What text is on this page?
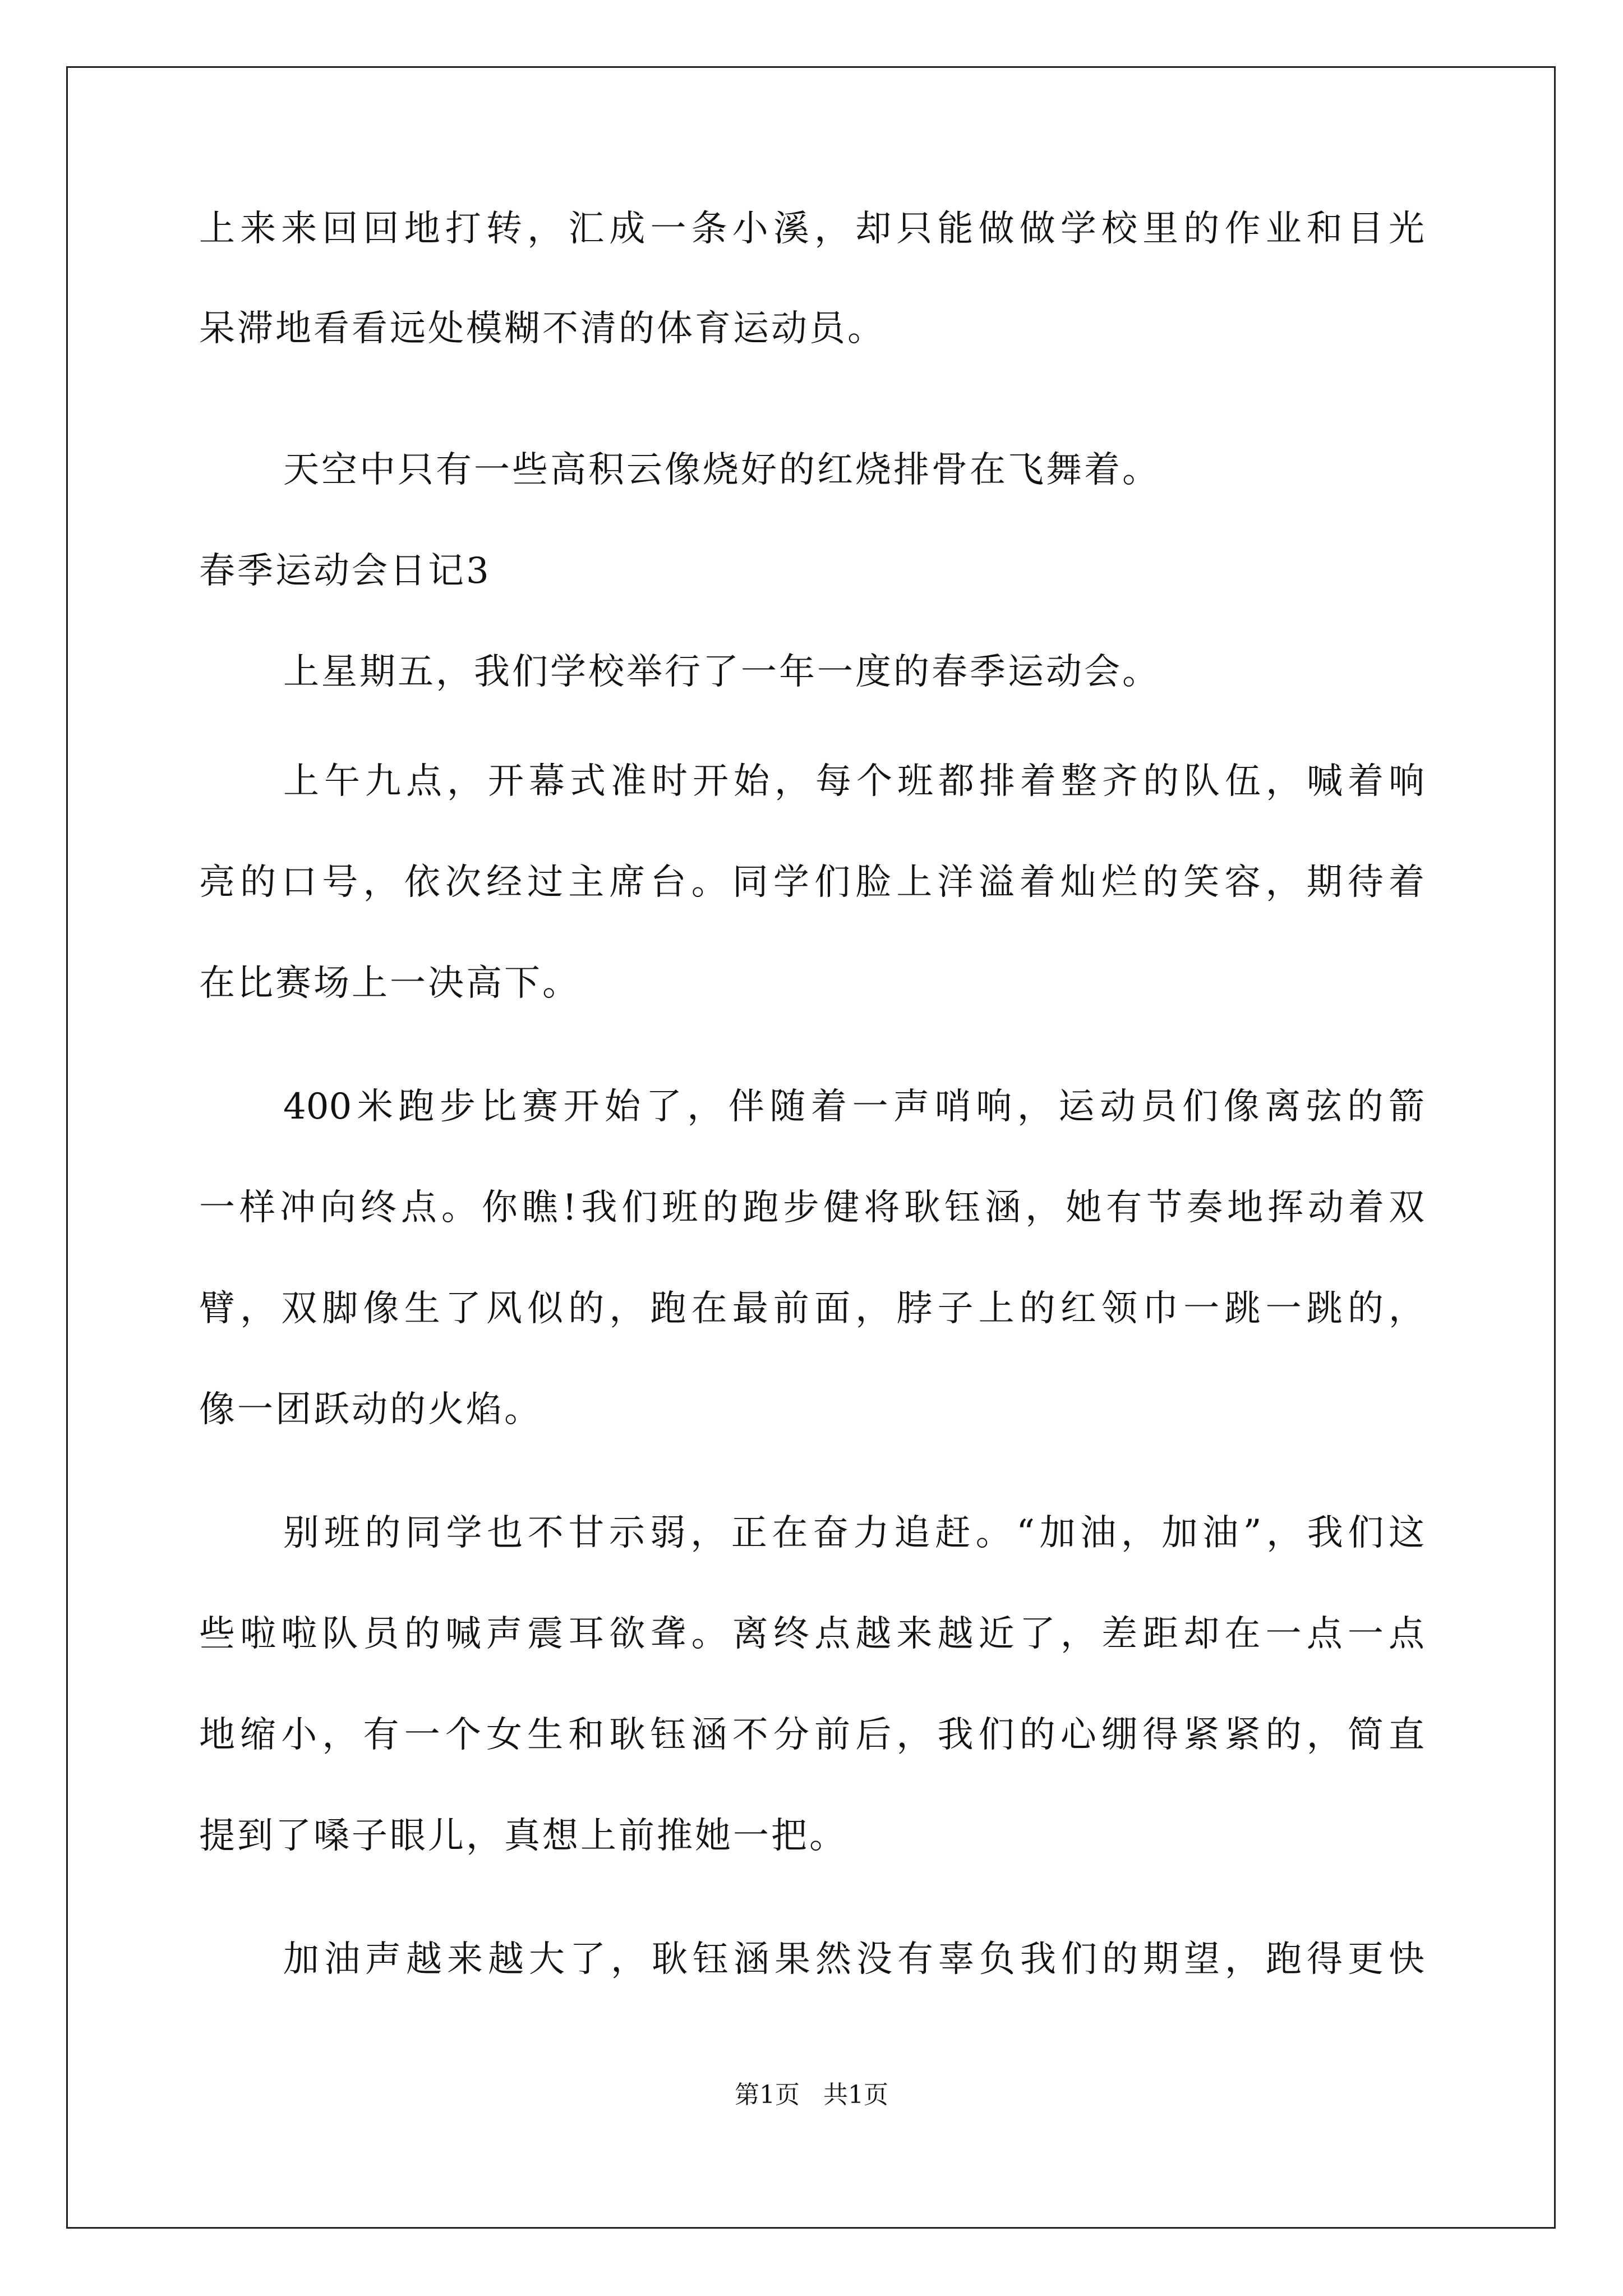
上来来回回地打转，汇成一条小溪，却只能做做学校里的作业和目光
呆滞地看看远处模糊不清的体育运动员。
天空中只有一些高积云像烧好的红烧排骨在飞舞着。
春季运动会日记3
上星期五，我们学校举行了一年一度的春季运动会。
上午九点，开幕式准时开始，每个班都排着整齐的队伍，喊着响
亮的口号，依次经过主席台。同学们脸上洋溢着灿烂的笑容，期待着
在比赛场上一决高下。
400米跑步比赛开始了，伴随着一声哨响，运动员们像离弦的箭
一样冲向终点。你瞧!我们班的跑步健将耿钰涵，她有节奏地挥动着双
臂，双脚像生了风似的，跑在最前面，脖子上的红领巾一跳一跳的，
像一团跃动的火焰。
别班的同学也不甘示弱，正在奋力追赶。“加油，加油”，我们这
些啦啦队员的喊声震耳欲聋。离终点越来越近了，差距却在一点一点
地缩小，有一个女生和耿钰涵不分前后，我们的心绷得紧紧的，简直
提到了嗓子眼儿，真想上前推她一把。
加油声越来越大了，耿钰涵果然没有辜负我们的期望，跑得更快
第1页   共1页
